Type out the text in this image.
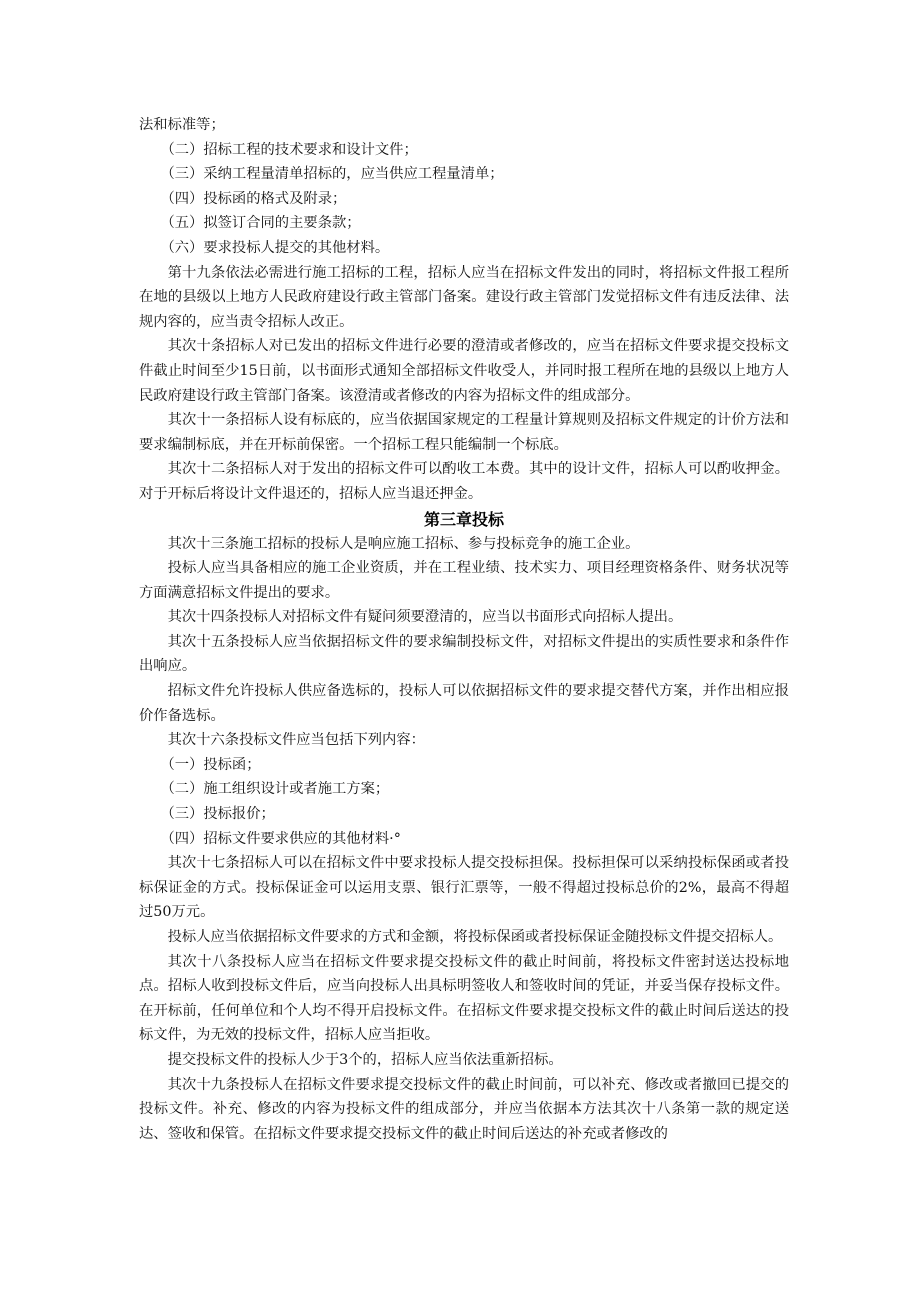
法和标准等；

（二）招标工程的技术要求和设计文件；

（三）采纳工程量清单招标的，应当供应工程量清单；

（四）投标函的格式及附录；

（五）拟签订合同的主要条款；

（六）要求投标人提交的其他材料。

第十九条依法必需进行施工招标的工程，招标人应当在招标文件发出的同时，将招标文件报工程所在地的县级以上地方人民政府建设行政主管部门备案。建设行政主管部门发觉招标文件有违反法律、法规内容的，应当责令招标人改正。

其次十条招标人对已发出的招标文件进行必要的澄清或者修改的，应当在招标文件要求提交投标文件截止时间至少15日前，以书面形式通知全部招标文件收受人，并同时报工程所在地的县级以上地方人民政府建设行政主管部门备案。该澄清或者修改的内容为招标文件的组成部分。

其次十一条招标人设有标底的，应当依据国家规定的工程量计算规则及招标文件规定的计价方法和要求编制标底，并在开标前保密。一个招标工程只能编制一个标底。

其次十二条招标人对于发出的招标文件可以酌收工本费。其中的设计文件，招标人可以酌收押金。对于开标后将设计文件退还的，招标人应当退还押金。

第三章投标

其次十三条施工招标的投标人是响应施工招标、参与投标竞争的施工企业。

投标人应当具备相应的施工企业资质，并在工程业绩、技术实力、项目经理资格条件、财务状况等方面满意招标文件提出的要求。

其次十四条投标人对招标文件有疑问须要澄清的，应当以书面形式向招标人提出。

其次十五条投标人应当依据招标文件的要求编制投标文件，对招标文件提出的实质性要求和条件作出响应。

招标文件允许投标人供应备选标的，投标人可以依据招标文件的要求提交替代方案，并作出相应报价作备选标。

其次十六条投标文件应当包括下列内容：

（一）投标函；

（二）施工组织设计或者施工方案；

（三）投标报价；

（四）招标文件要求供应的其他材料·°

其次十七条招标人可以在招标文件中要求投标人提交投标担保。投标担保可以采纳投标保函或者投标保证金的方式。投标保证金可以运用支票、银行汇票等，一般不得超过投标总价的2%，最高不得超过50万元。

投标人应当依据招标文件要求的方式和金额，将投标保函或者投标保证金随投标文件提交招标人。

其次十八条投标人应当在招标文件要求提交投标文件的截止时间前，将投标文件密封送达投标地点。招标人收到投标文件后，应当向投标人出具标明签收人和签收时间的凭证，并妥当保存投标文件。在开标前，任何单位和个人均不得开启投标文件。在招标文件要求提交投标文件的截止时间后送达的投标文件，为无效的投标文件，招标人应当拒收。

提交投标文件的投标人少于3个的，招标人应当依法重新招标。

其次十九条投标人在招标文件要求提交投标文件的截止时间前，可以补充、修改或者撤回已提交的投标文件。补充、修改的内容为投标文件的组成部分，并应当依据本方法其次十八条第一款的规定送达、签收和保管。在招标文件要求提交投标文件的截止时间后送达的补充或者修改的
